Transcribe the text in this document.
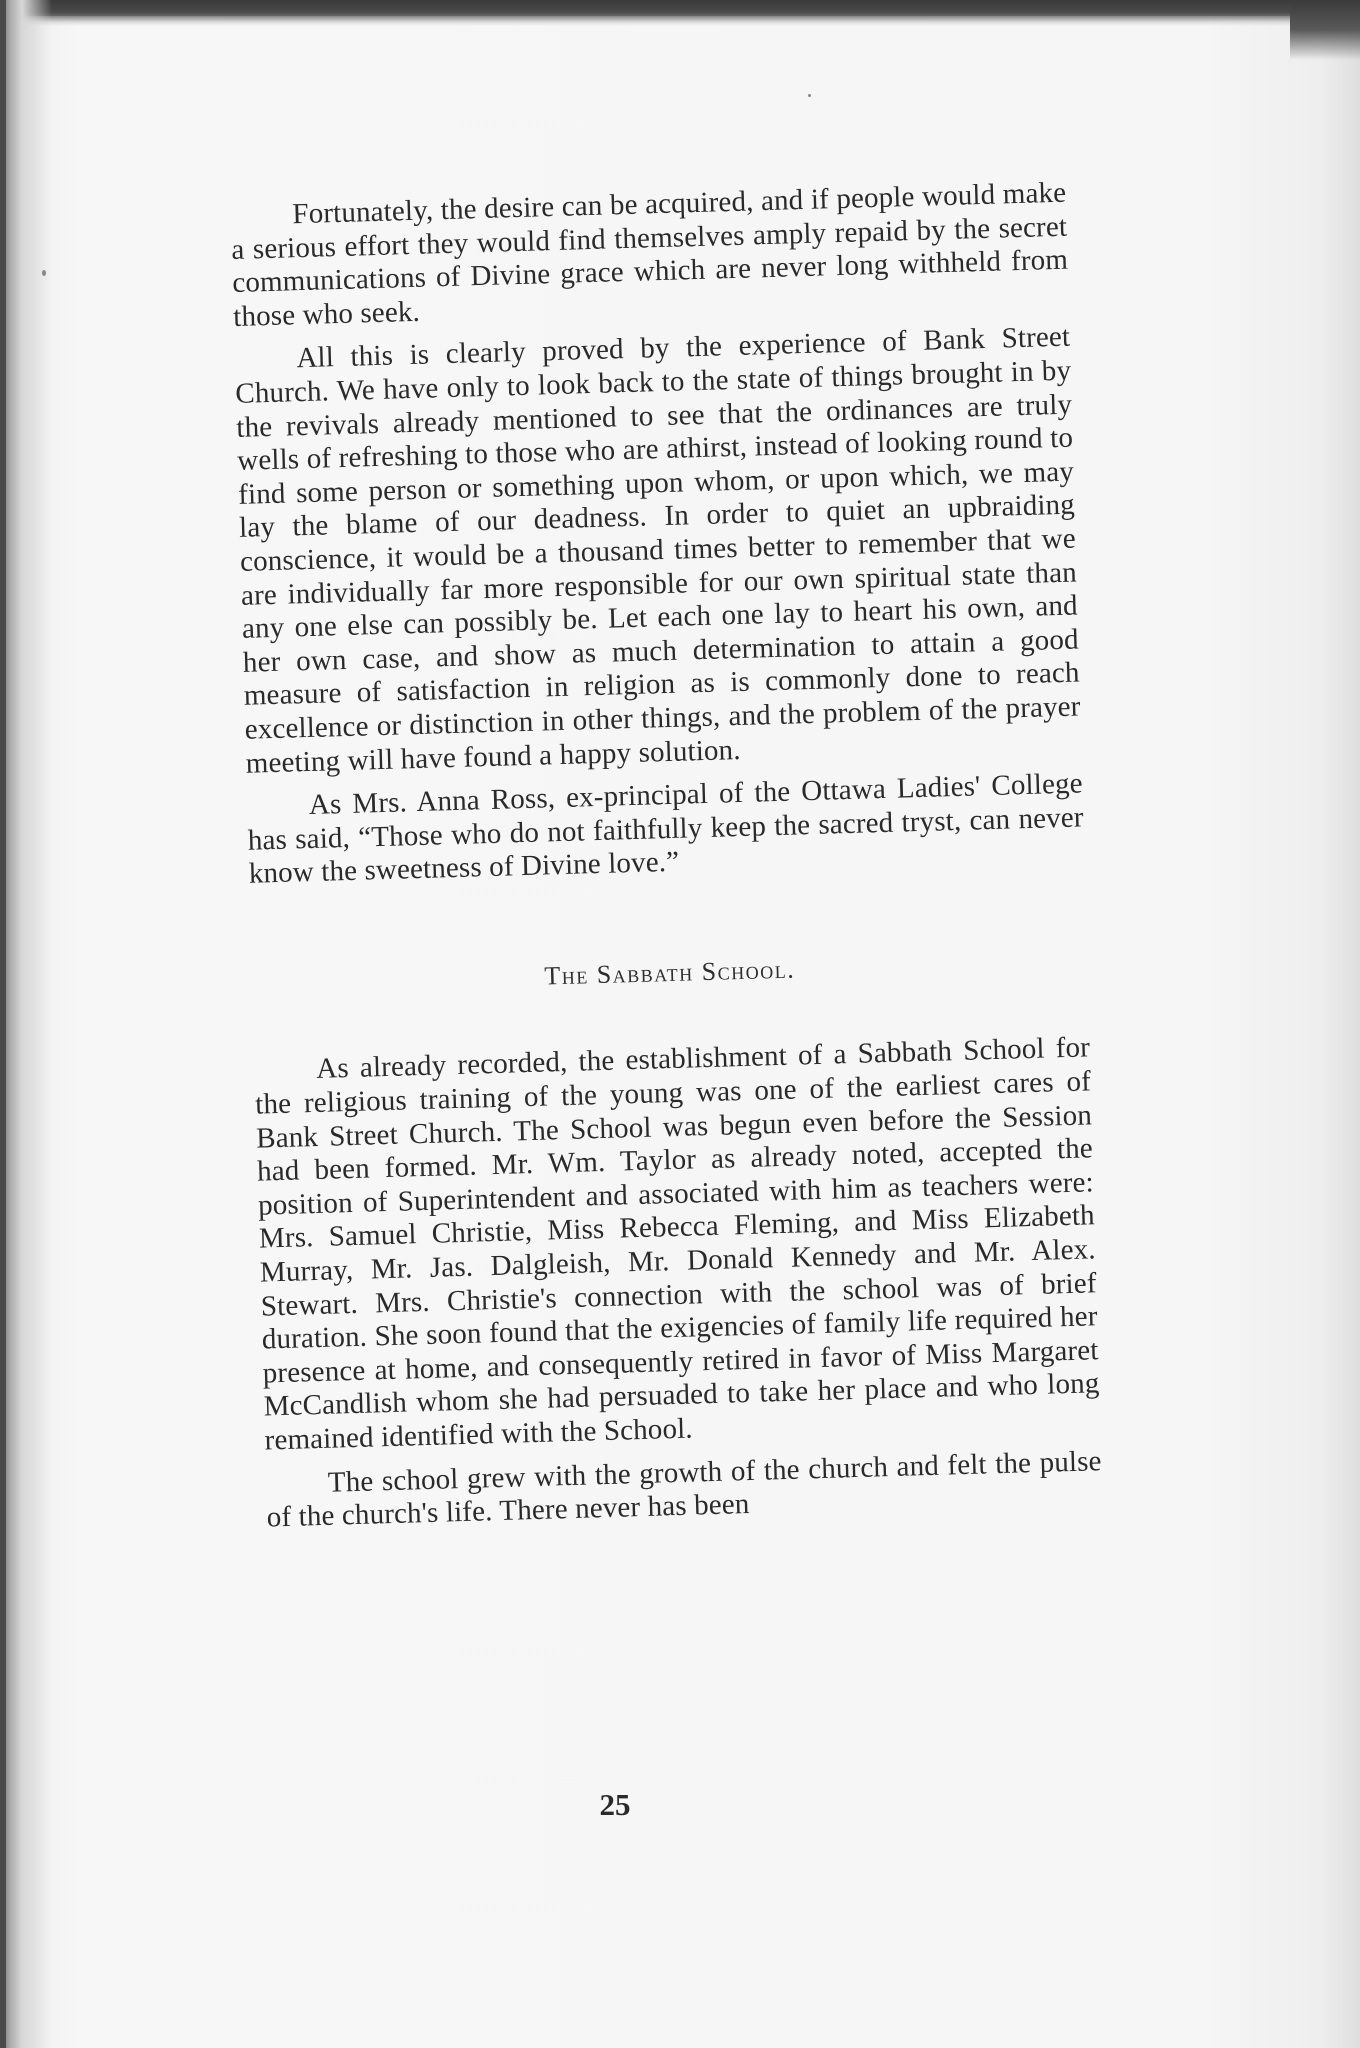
Fortunately, the desire can be acquired, and if people would make a serious effort they would find themselves amply repaid by the secret communications of Divine grace which are never long withheld from those who seek.

All this is clearly proved by the experience of Bank Street Church. We have only to look back to the state of things brought in by the revivals already mentioned to see that the ordinances are truly wells of refreshing to those who are athirst, instead of looking round to find some person or something upon whom, or upon which, we may lay the blame of our deadness. In order to quiet an upbraiding conscience, it would be a thousand times better to remember that we are individually far more responsible for our own spiritual state than any one else can possibly be. Let each one lay to heart his own, and her own case, and show as much determination to attain a good measure of satisfaction in religion as is commonly done to reach excellence or distinction in other things, and the problem of the prayer meeting will have found a happy solution.

As Mrs. Anna Ross, ex-principal of the Ottawa Ladies' College has said, “Those who do not faithfully keep the sacred tryst, can never know the sweetness of Divine love.”

The Sabbath School.

As already recorded, the establishment of a Sabbath School for the religious training of the young was one of the earliest cares of Bank Street Church. The School was begun even before the Session had been formed. Mr. Wm. Taylor as already noted, accepted the position of Superintendent and associated with him as teachers were: Mrs. Samuel Christie, Miss Rebecca Fleming, and Miss Elizabeth Murray, Mr. Jas. Dalgleish, Mr. Donald Kennedy and Mr. Alex. Stewart. Mrs. Christie's connection with the school was of brief duration. She soon found that the exigencies of family life required her presence at home, and consequently retired in favor of Miss Margaret McCandlish whom she had persuaded to take her place and who long remained identified with the School.

The school grew with the growth of the church and felt the pulse of the church's life. There never has been

25
